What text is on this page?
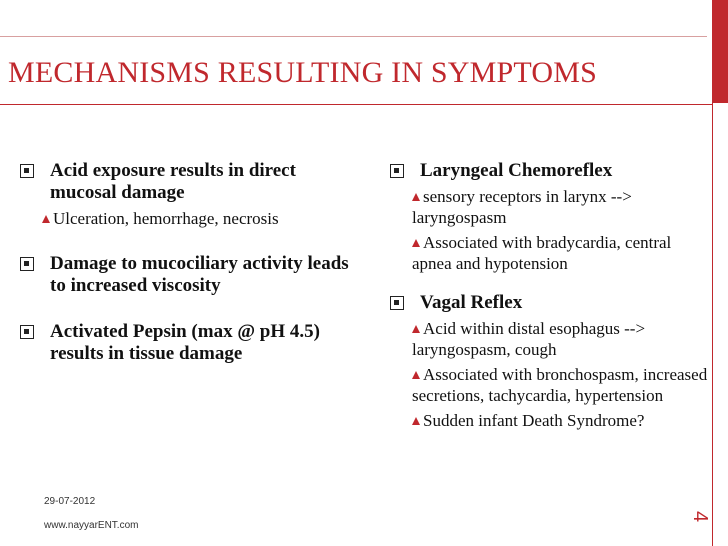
MECHANISMS RESULTING IN SYMPTOMS
Acid exposure results in direct mucosal damage
Ulceration, hemorrhage, necrosis
Damage to mucociliary activity leads to increased viscosity
Activated Pepsin (max @ pH 4.5) results in tissue damage
Laryngeal Chemoreflex
sensory receptors in larynx --> laryngospasm
Associated with bradycardia, central apnea and hypotension
Vagal Reflex
Acid within distal esophagus --> laryngospasm, cough
Associated with bronchospasm, increased secretions, tachycardia, hypertension
Sudden infant Death Syndrome?
29-07-2012
www.nayyarENT.com
4
